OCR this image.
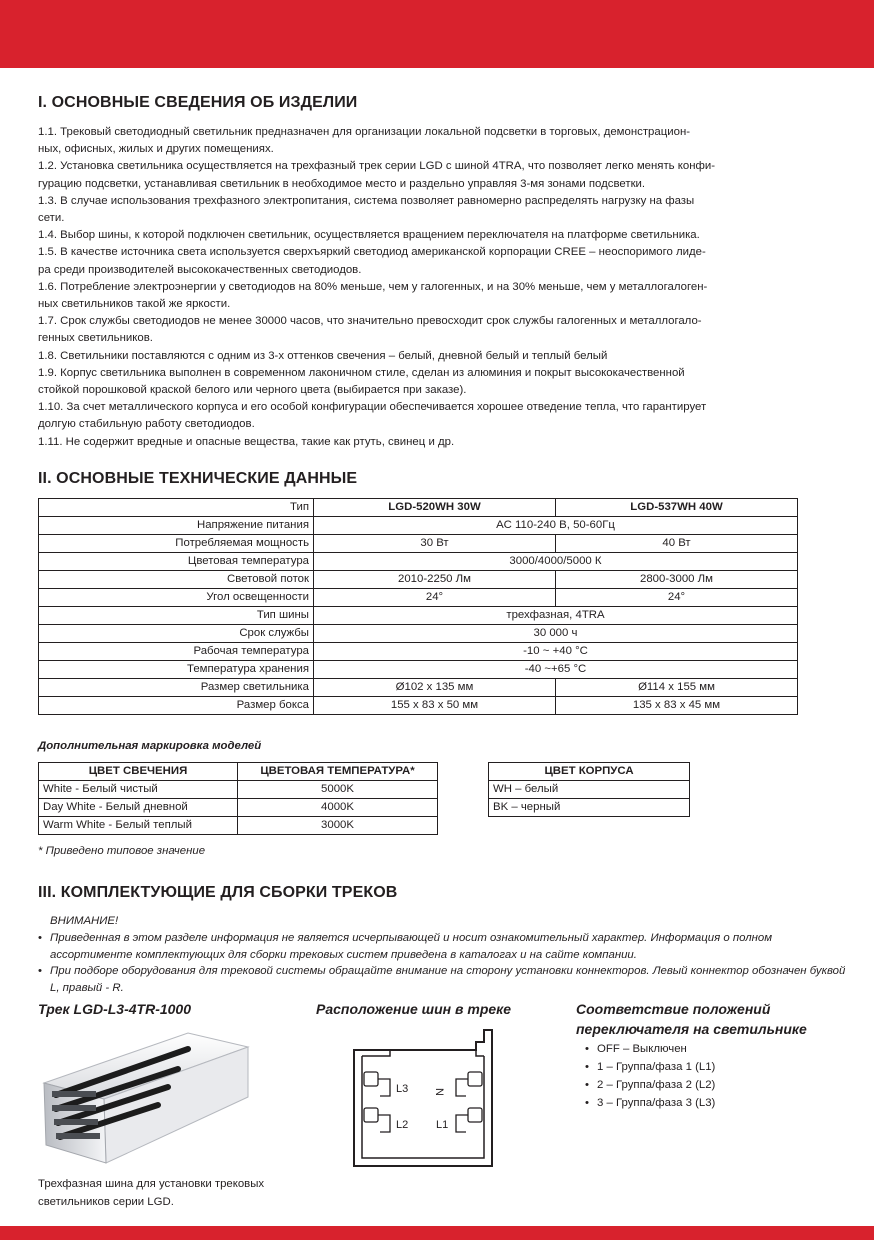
I. ОСНОВНЫЕ СВЕДЕНИЯ ОБ ИЗДЕЛИИ

1.1. Трековый светодиодный светильник предназначен для организации локальной подсветки в торговых, демонстрацион-

ных, офисных, жилых и других помещениях.

1.2. Установка светильника осуществляется на трехфазный трек серии LGD с шиной 4TRA, что позволяет легко менять конфи-

гурацию подсветки, устанавливая светильник в необходимое место и раздельно управляя 3-мя зонами подсветки.

1.3. В случае использования трехфазного электропитания, система позволяет равномерно распределять нагрузку на фазы

сети.

1.4. Выбор шины, к которой подключен светильник, осуществляется вращением переключателя на платформе светильника.

1.5. В качестве источника света используется сверхъяркий светодиод американской корпорации CREE – неоспоримого лиде-

ра среди производителей высококачественных светодиодов.

1.6. Потребление электроэнергии у светодиодов на 80% меньше, чем у галогенных, и на 30% меньше, чем у металлогалоген-

ных светильников такой же яркости.

1.7. Срок службы светодиодов не менее 30000 часов, что значительно превосходит срок службы галогенных и металлогало-

генных светильников.

1.8. Светильники поставляются с одним из 3-х оттенков свечения – белый, дневной белый и теплый белый

1.9. Корпус светильника выполнен в современном лаконичном стиле, сделан из алюминия и покрыт высококачественной

стойкой порошковой краской белого или черного цвета (выбирается при заказе).

1.10. За счет металлического корпуса и его особой конфигурации обеспечивается хорошее отведение тепла, что гарантирует

долгую стабильную работу светодиодов.

1.11. Не содержит вредные и опасные вещества, такие как ртуть, свинец и др.

II. ОСНОВНЫЕ ТЕХНИЧЕСКИЕ ДАННЫЕ
Тип	LGD-520WH 30W	LGD-537WH 40W
Напряжение питания	AC 110-240 В, 50-60Гц	
Потребляемая мощность	30 Вт	40 Вт
Цветовая температура	3000/4000/5000 К	
Световой поток	2010-2250 Лм	2800-3000 Лм
Угол освещенности	24°	24°
Тип шины	трехфазная, 4TRA	
Срок службы	30 000 ч	
Рабочая температура	-10 ~ +40 °C	
Температура хранения	-40 ~+65 °C	
Размер светильника	Ø102 x 135 мм	Ø114 x 155 мм
Размер бокса	155 x 83 x 50 мм	135 x 83 x 45 мм
Дополнительная маркировка моделей
ЦВЕТ СВЕЧЕНИЯ	ЦВЕТОВАЯ ТЕМПЕРАТУРА*
White - Белый чистый	5000K
Day White - Белый дневной	4000K
Warm White - Белый теплый	3000K
ЦВЕТ КОРПУСА
WH – белый
BK – черный
* Приведено типовое значение
III. КОМПЛЕКТУЮЩИЕ ДЛЯ СБОРКИ ТРЕКОВ
ВНИМАНИЕ!
• Приведенная в этом разделе информация не является исчерпывающей и носит ознакомительный характер. Информация о полном ассортименте комплектующих для сборки трековых систем приведена в каталогах и на сайте компании.
• При подборе оборудования для трековой системы обращайте внимание на сторону установки коннекторов. Левый коннектор обозначен буквой L, правый - R.
Трек LGD-L3-4TR-1000	Расположение шин в треке	Соответствие положений
переключателя на светильнике
L3 N
L2	L1
• OFF – Выключен
• 1 – Группа/фаза 1 (L1)
• 2 – Группа/фаза 2 (L2)
• 3 – Группа/фаза 3 (L3)
Трехфазная шина для установки трековых светильников серии LGD.
